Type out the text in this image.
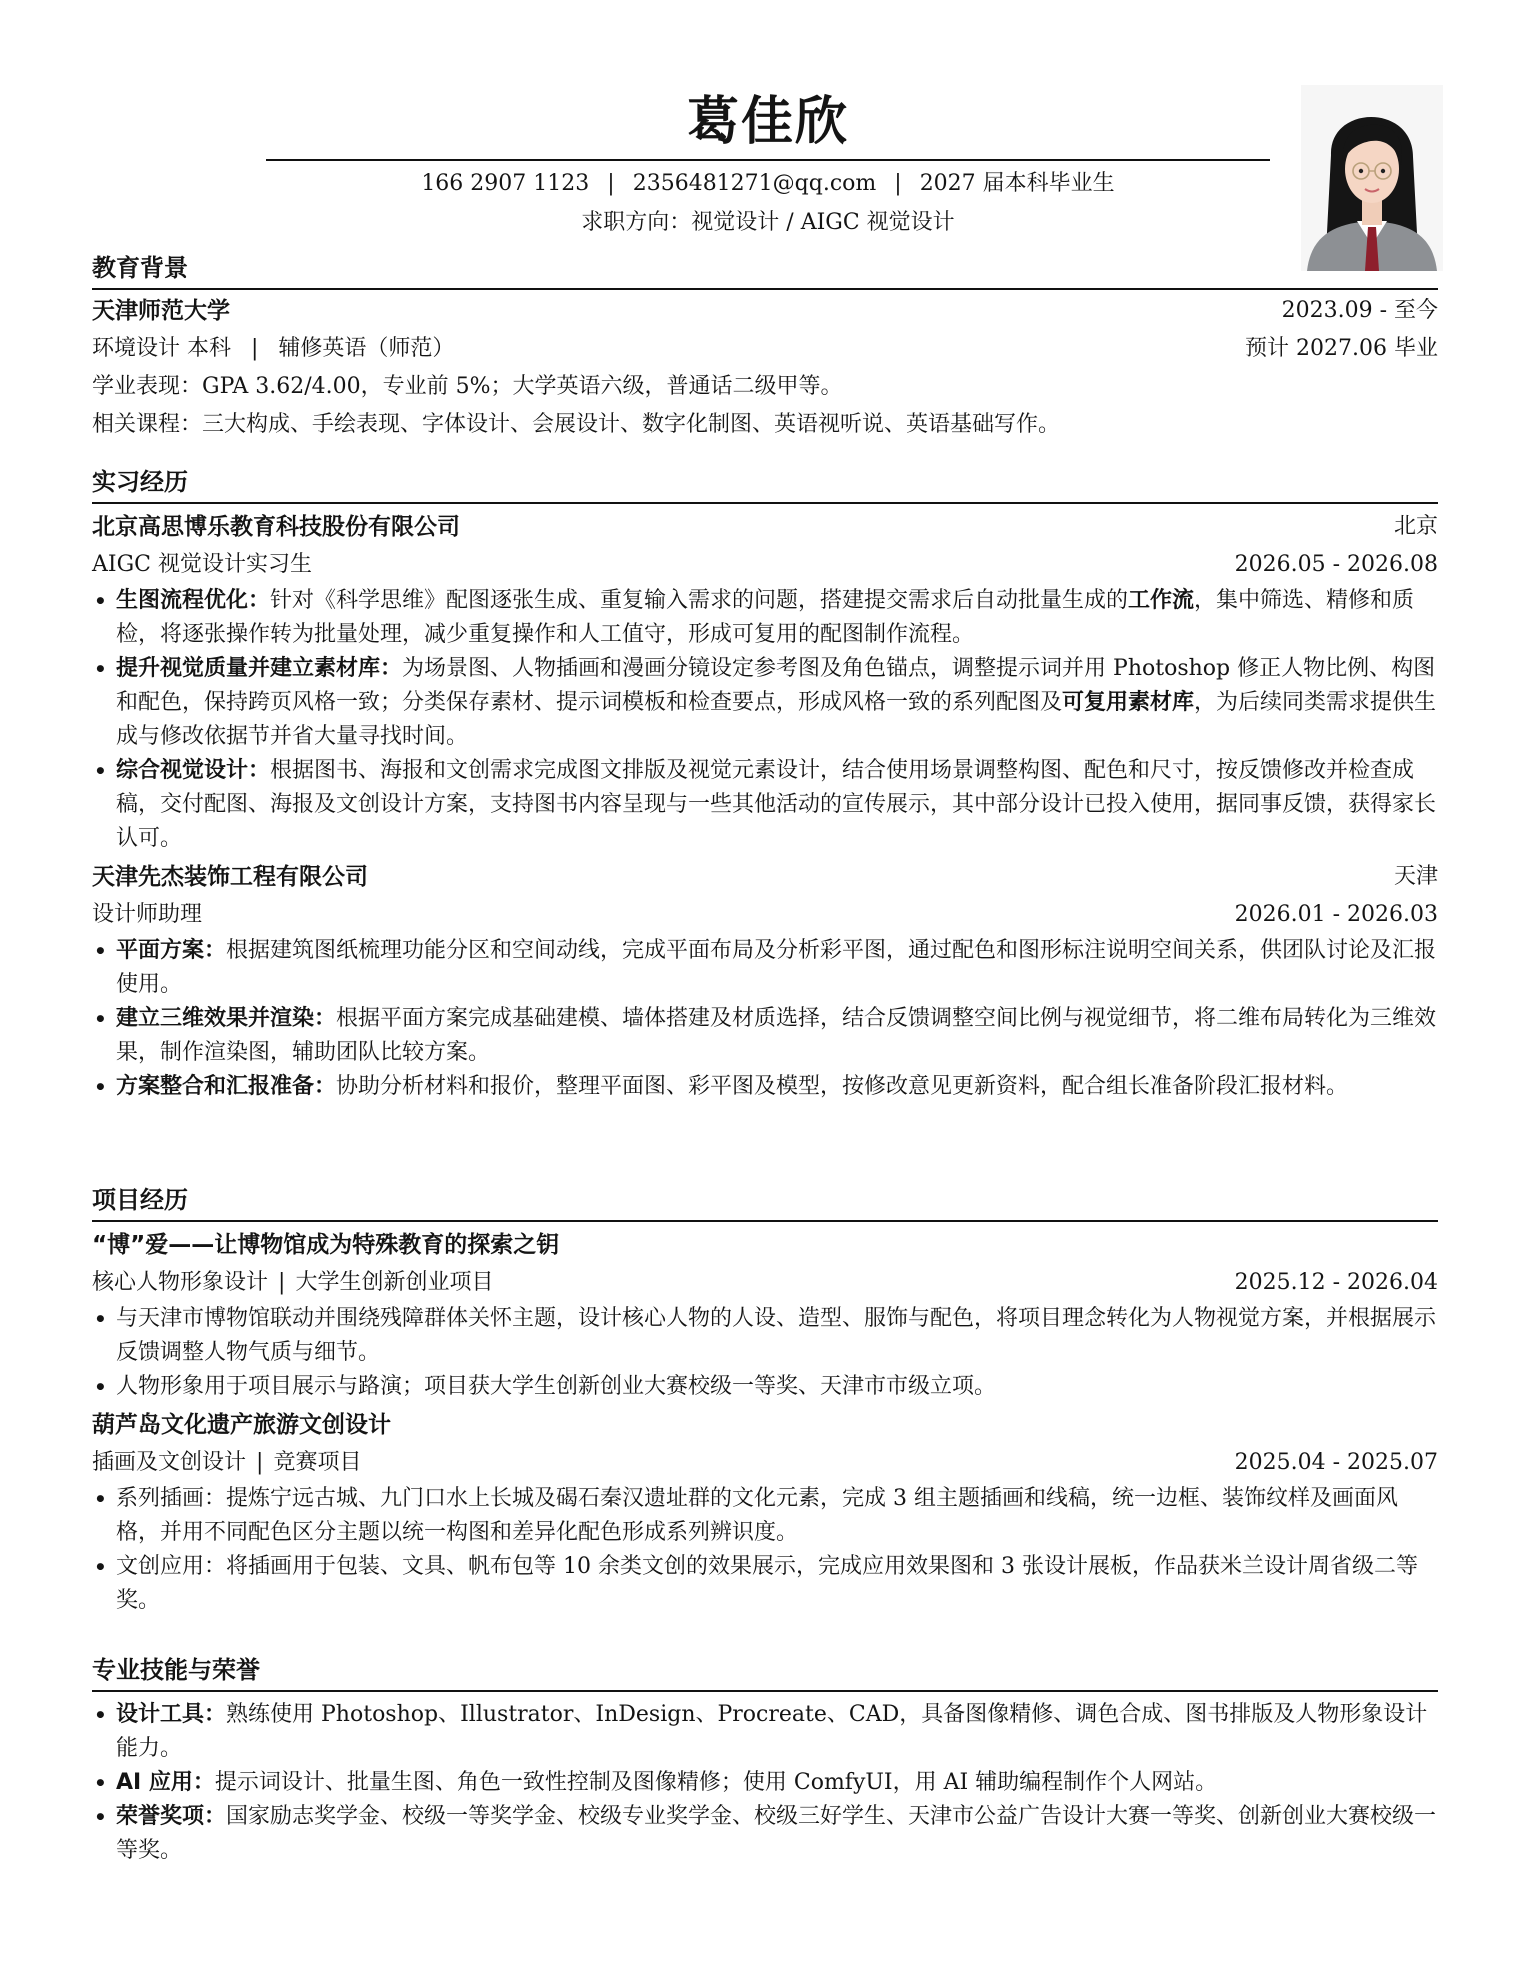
葛佳欣
166 2907 1123 | 2356481271@qq.com | 2027 届本科毕业生
求职方向：视觉设计 / AIGC 视觉设计
教育背景
天津师范大学	2023.09 - 至今
环境设计 本科 | 辅修英语（师范）	预计 2027.06 毕业
学业表现：GPA 3.62/4.00，专业前 5%；大学英语六级，普通话二级甲等。
相关课程：三大构成、手绘表现、字体设计、会展设计、数字化制图、英语视听说、英语基础写作。
实习经历
北京高思博乐教育科技股份有限公司	北京
AIGC 视觉设计实习生	2026.05 - 2026.08
• 生图流程优化：针对《科学思维》配图逐张生成、重复输入需求的问题，搭建提交需求后自动批量生成的工作流，集中筛选、精修和质检，将逐张操作转为批量处理，减少重复操作和人工值守，形成可复用的配图制作流程。
• 提升视觉质量并建立素材库：为场景图、人物插画和漫画分镜设定参考图及角色锚点，调整提示词并用 Photoshop 修正人物比例、构图和配色，保持跨页风格一致；分类保存素材、提示词模板和检查要点，形成风格一致的系列配图及可复用素材库，为后续同类需求提供生成与修改依据节并省大量寻找时间。
• 综合视觉设计：根据图书、海报和文创需求完成图文排版及视觉元素设计，结合使用场景调整构图、配色和尺寸，按反馈修改并检查成稿，交付配图、海报及文创设计方案，支持图书内容呈现与一些其他活动的宣传展示，其中部分设计已投入使用，据同事反馈，获得家长认可。
天津先杰装饰工程有限公司	天津
设计师助理	2026.01 - 2026.03
• 平面方案：根据建筑图纸梳理功能分区和空间动线，完成平面布局及分析彩平图，通过配色和图形标注说明空间关系，供团队讨论及汇报使用。
• 建立三维效果并渲染：根据平面方案完成基础建模、墙体搭建及材质选择，结合反馈调整空间比例与视觉细节，将二维布局转化为三维效果，制作渲染图，辅助团队比较方案。
• 方案整合和汇报准备：协助分析材料和报价，整理平面图、彩平图及模型，按修改意见更新资料，配合组长准备阶段汇报材料。
项目经历
“博”爱——让博物馆成为特殊教育的探索之钥
核心人物形象设计 | 大学生创新创业项目	2025.12 - 2026.04
• 与天津市博物馆联动并围绕残障群体关怀主题，设计核心人物的人设、造型、服饰与配色，将项目理念转化为人物视觉方案，并根据展示反馈调整人物气质与细节。
• 人物形象用于项目展示与路演；项目获大学生创新创业大赛校级一等奖、天津市市级立项。
葫芦岛文化遗产旅游文创设计
插画及文创设计 | 竞赛项目	2025.04 - 2025.07
• 系列插画：提炼宁远古城、九门口水上长城及碣石秦汉遗址群的文化元素，完成 3 组主题插画和线稿，统一边框、装饰纹样及画面风格，并用不同配色区分主题以统一构图和差异化配色形成系列辨识度。
• 文创应用：将插画用于包装、文具、帆布包等 10 余类文创的效果展示，完成应用效果图和 3 张设计展板，作品获米兰设计周省级二等奖。
专业技能与荣誉
• 设计工具：熟练使用 Photoshop、Illustrator、InDesign、Procreate、CAD，具备图像精修、调色合成、图书排版及人物形象设计能力。
• AI 应用：提示词设计、批量生图、角色一致性控制及图像精修；使用 ComfyUI，用 AI 辅助编程制作个人网站。
• 荣誉奖项：国家励志奖学金、校级一等奖学金、校级专业奖学金、校级三好学生、天津市公益广告设计大赛一等奖、创新创业大赛校级一等奖。
